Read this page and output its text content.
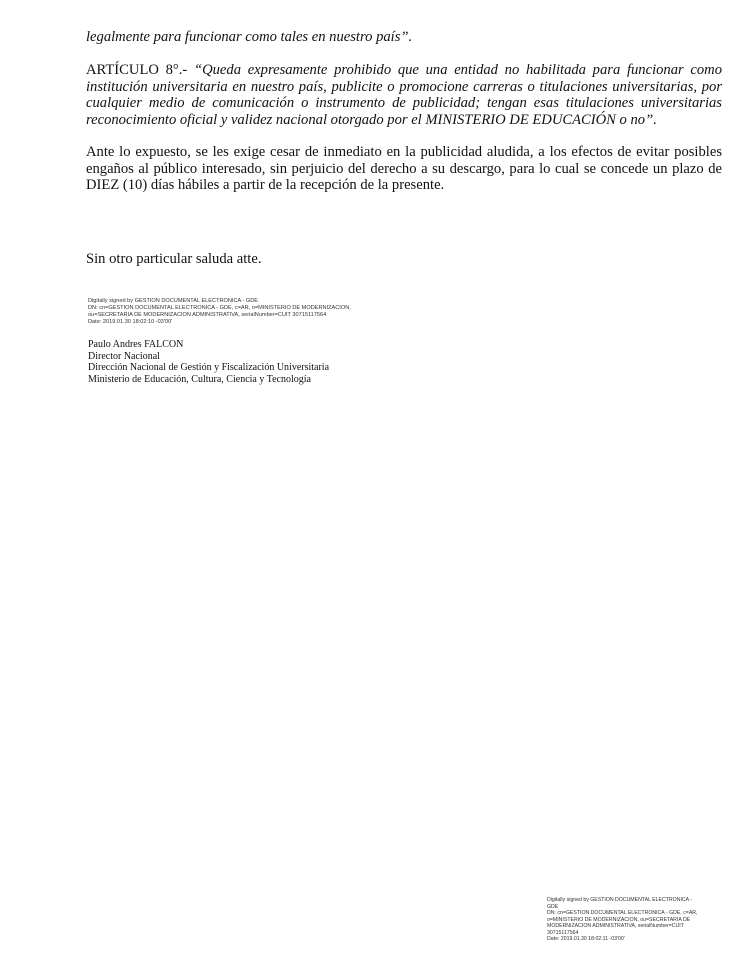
legalmente para funcionar como tales en nuestro país”.

ARTÍCULO 8°.- “Queda expresamente prohibido que una entidad no habilitada para funcionar como institución universitaria en nuestro país, publicite o promocione carreras o titulaciones universitarias, por cualquier medio de comunicación o instrumento de publicidad; tengan esas titulaciones universitarias reconocimiento oficial y validez nacional otorgado por el MINISTERIO DE EDUCACIÓN o no”.

Ante lo expuesto, se les exige cesar de inmediato en la publicidad aludida, a los efectos de evitar posibles engaños al público interesado, sin perjuicio del derecho a su descargo, para lo cual se concede un plazo de DIEZ (10) días hábiles a partir de la recepción de la presente.

Sin otro particular saluda atte.

Digitally signed by GESTION DOCUMENTAL ELECTRONICA - GDE
DN: cn=GESTION DOCUMENTAL ELECTRONICA - GDE, c=AR, o=MINISTERIO DE MODERNIZACION,
ou=SECRETARIA DE MODERNIZACION ADMINISTRATIVA, serialNumber=CUIT 30715117564
Date: 2019.01.30 18:02:10 -03'00'
Paulo Andres FALCON
Director Nacional
Dirección Nacional de Gestión y Fiscalización Universitaria
Ministerio de Educación, Cultura, Ciencia y Tecnología
Digitally signed by GESTION DOCUMENTAL ELECTRONICA -
GDE
DN: cn=GESTION DOCUMENTAL ELECTRONICA - GDE, c=AR,
o=MINISTERIO DE MODERNIZACION, ou=SECRETARIA DE
MODERNIZACION ADMINISTRATIVA, serialNumber=CUIT
30715117564
Date: 2019.01.30 18:02:11 -03'00'
